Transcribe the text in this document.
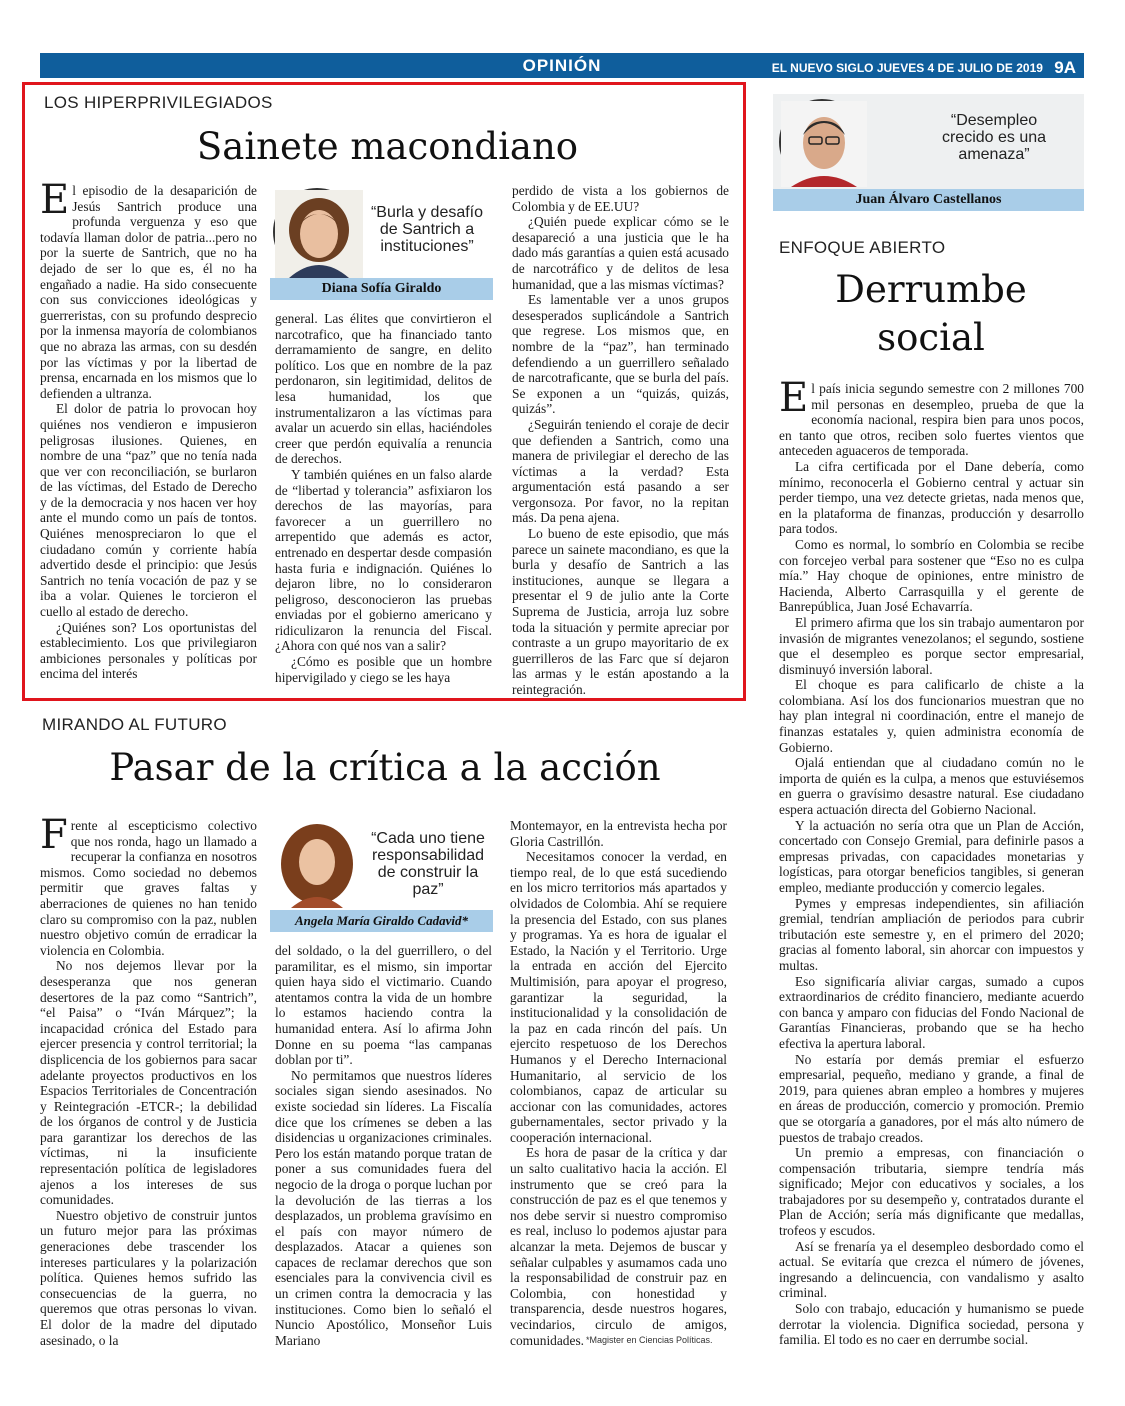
OPINIÓN	EL NUEVO SIGLO JUEVES 4 DE JULIO DE 2019 9A
LOS HIPERPRIVILEGIADOS
Sainete macondiano

El episodio de la desaparición de Jesús Santrich produce una profunda verguenza y eso que todavía llaman dolor de patria...pero no por la suerte de Santrich, que no ha dejado de ser lo que es, él no ha engañado a nadie. Ha sido consecuente con sus convicciones ideológicas y guerreristas, con su profundo desprecio por la inmensa mayoría de colombianos que no abraza las armas, con su desdén por las víctimas y por la libertad de prensa, encarnada en los mismos que lo defienden a ultranza.

El dolor de patria lo provocan hoy quiénes nos vendieron e impusieron peligrosas ilusiones. Quienes, en nombre de una “paz” que no tenía nada que ver con reconciliación, se burlaron de las víctimas, del Estado de Derecho y de la democracia y nos hacen ver hoy ante el mundo como un país de tontos. Quiénes menospreciaron lo que el ciudadano común y corriente había advertido desde el principio: que Jesús Santrich no tenía vocación de paz y se iba a volar. Quienes le torcieron el cuello al estado de derecho.

¿Quiénes son? Los oportunistas del establecimiento. Los que privilegiaron ambiciones personales y políticas por encima del interés

“Burla y desafío de Santrich a instituciones”
Diana Sofía Giraldo

general. Las élites que convirtieron el narcotrafico, que ha financiado tanto derramamiento de sangre, en delito político. Los que en nombre de la paz perdonaron, sin legitimidad, delitos de lesa humanidad, los que instrumentalizaron a las víctimas para avalar un acuerdo sin ellas, haciéndoles creer que perdón equivalía a renuncia de derechos.

Y también quiénes en un falso alarde de “libertad y tolerancia” asfixiaron los derechos de las mayorías, para favorecer a un guerrillero no arrepentido que además es actor, entrenado en despertar desde compasión hasta furia e indignación. Quiénes lo dejaron libre, no lo consideraron peligroso, desconocieron las pruebas enviadas por el gobierno americano y ridiculizaron la renuncia del Fiscal. ¿Ahora con qué nos van a salir?

¿Cómo es posible que un hombre hipervigilado y ciego se les haya

perdido de vista a los gobiernos de Colombia y de EE.UU?

¿Quién puede explicar cómo se le desapareció a una justicia que le ha dado más garantías a quien está acusado de narcotráfico y de delitos de lesa humanidad, que a las mismas víctimas?

Es lamentable ver a unos grupos desesperados suplicándole a Santrich que regrese. Los mismos que, en nombre de la “paz”, han terminado defendiendo a un guerrillero señalado de narcotraficante, que se burla del país. Se exponen a un “quizás, quizás, quizás”.

¿Seguirán teniendo el coraje de decir que defienden a Santrich, como una manera de privilegiar el derecho de las víctimas a la verdad? Esta argumentación está pasando a ser vergonsoza. Por favor, no la repitan más. Da pena ajena.

Lo bueno de este episodio, que más parece un sainete macondiano, es que la burla y desafío de Santrich a las instituciones, aunque se llegara a presentar el 9 de julio ante la Corte Suprema de Justicia, arroja luz sobre toda la situación y permite apreciar por contraste a un grupo mayoritario de ex guerrilleros de las Farc que sí dejaron las armas y le están apostando a la reintegración.

MIRANDO AL FUTURO
Pasar de la crítica a la acción

Frente al escepticismo colectivo que nos ronda, hago un llamado a recuperar la confianza en nosotros mismos. Como sociedad no debemos permitir que graves faltas y aberraciones de quienes no han tenido claro su compromiso con la paz, nublen nuestro objetivo común de erradicar la violencia en Colombia.

No nos dejemos llevar por la desesperanza que nos generan desertores de la paz como “Santrich”, “el Paisa” o “Iván Márquez”; la incapacidad crónica del Estado para ejercer presencia y control territorial; la displicencia de los gobiernos para sacar adelante proyectos productivos en los Espacios Territoriales de Concentración y Reintegración -ETCR-; la debilidad de los órganos de control y de Justicia para garantizar los derechos de las víctimas, ni la insuficiente representación política de legisladores ajenos a los intereses de sus comunidades.

Nuestro objetivo de construir juntos un futuro mejor para las próximas generaciones debe trascender los intereses particulares y la polarización política. Quienes hemos sufrido las consecuencias de la guerra, no queremos que otras personas lo vivan. El dolor de la madre del diputado asesinado, o la

“Cada uno tiene responsabilidad de construir la paz”
Angela María Giraldo Cadavid*

del soldado, o la del guerrillero, o del paramilitar, es el mismo, sin importar quien haya sido el victimario. Cuando atentamos contra la vida de un hombre lo estamos haciendo contra la humanidad entera. Así lo afirma John Donne en su poema “las campanas doblan por ti”.

No permitamos que nuestros líderes sociales sigan siendo asesinados. No existe sociedad sin líderes. La Fiscalía dice que los crímenes se deben a las disidencias u organizaciones criminales. Pero los están matando porque tratan de poner a sus comunidades fuera del negocio de la droga o porque luchan por la devolución de las tierras a los desplazados, un problema gravísimo en el país con mayor número de desplazados. Atacar a quienes son capaces de reclamar derechos que son esenciales para la convivencia civil es un crimen contra la democracia y las instituciones. Como bien lo señaló el Nuncio Apostólico, Monseñor Luis Mariano

Montemayor, en la entrevista hecha por Gloria Castrillón.

Necesitamos conocer la verdad, en tiempo real, de lo que está sucediendo en los micro territorios más apartados y olvidados de Colombia. Ahí se requiere la presencia del Estado, con sus planes y programas. Ya es hora de igualar el Estado, la Nación y el Territorio. Urge la entrada en acción del Ejercito Multimisión, para apoyar el progreso, garantizar la seguridad, la institucionalidad y la consolidación de la paz en cada rincón del país. Un ejercito respetuoso de los Derechos Humanos y el Derecho Internacional Humanitario, al servicio de los colombianos, capaz de articular su accionar con las comunidades, actores gubernamentales, sector privado y la cooperación internacional.

Es hora de pasar de la crítica y dar un salto cualitativo hacia la acción. El instrumento que se creó para la construcción de paz es el que tenemos y nos debe servir si nuestro compromiso es real, incluso lo podemos ajustar para alcanzar la meta. Dejemos de buscar y señalar culpables y asumamos cada uno la responsabilidad de construir paz en Colombia, con honestidad y transparencia, desde nuestros hogares, vecindarios, circulo de amigos, comunidades. *Magister en Ciencias Políticas.
“Desempleo crecido es una amenaza”
Juan Álvaro Castellanos
ENFOQUE ABIERTO
Derrumbe
social

El país inicia segundo semestre con 2 millones 700 mil personas en desempleo, prueba de que la economía nacional, respira bien para unos pocos, en tanto que otros, reciben solo fuertes vientos que anteceden aguaceros de temporada.

La cifra certificada por el Dane debería, como mínimo, reconocerla el Gobierno central y actuar sin perder tiempo, una vez detecte grietas, nada menos que, en la plataforma de finanzas, producción y desarrollo para todos.

Como es normal, lo sombrío en Colombia se recibe con forcejeo verbal para sostener que “Eso no es culpa mía.” Hay choque de opiniones, entre ministro de Hacienda, Alberto Carrasquilla y el gerente de Banrepública, Juan José Echavarría.

El primero afirma que los sin trabajo aumentaron por invasión de migrantes venezolanos; el segundo, sostiene que el desempleo es porque sector empresarial, disminuyó inversión laboral.

El choque es para calificarlo de chiste a la colombiana. Así los dos funcionarios muestran que no hay plan integral ni coordinación, entre el manejo de finanzas estatales y, quien administra economía de Gobierno.

Ojalá entiendan que al ciudadano común no le importa de quién es la culpa, a menos que estuviésemos en guerra o gravísimo desastre natural. Ese ciudadano espera actuación directa del Gobierno Nacional.

Y la actuación no sería otra que un Plan de Acción, concertado con Consejo Gremial, para definirle pasos a empresas privadas, con capacidades monetarias y logísticas, para otorgar beneficios tangibles, si generan empleo, mediante producción y comercio legales.

Pymes y empresas independientes, sin afiliación gremial, tendrían ampliación de periodos para cubrir tributación este semestre y, en el primero del 2020; gracias al fomento laboral, sin ahorcar con impuestos y multas.

Eso significaría aliviar cargas, sumado a cupos extraordinarios de crédito financiero, mediante acuerdo con banca y amparo con fiducias del Fondo Nacional de Garantías Financieras, probando que se ha hecho efectiva la apertura laboral.

No estaría por demás premiar el esfuerzo empresarial, pequeño, mediano y grande, a final de 2019, para quienes abran empleo a hombres y mujeres en áreas de producción, comercio y promoción. Premio que se otorgaría a ganadores, por el más alto número de puestos de trabajo creados.

Un premio a empresas, con financiación o compensación tributaria, siempre tendría más significado; Mejor con educativos y sociales, a los trabajadores por su desempeño y, contratados durante el Plan de Acción; sería más dignificante que medallas, trofeos y escudos.

Así se frenaría ya el desempleo desbordado como el actual. Se evitaría que crezca el número de jóvenes, ingresando a delincuencia, con vandalismo y asalto criminal.

Solo con trabajo, educación y humanismo se puede derrotar la violencia. Dignifica sociedad, persona y familia. El todo es no caer en derrumbe social.
